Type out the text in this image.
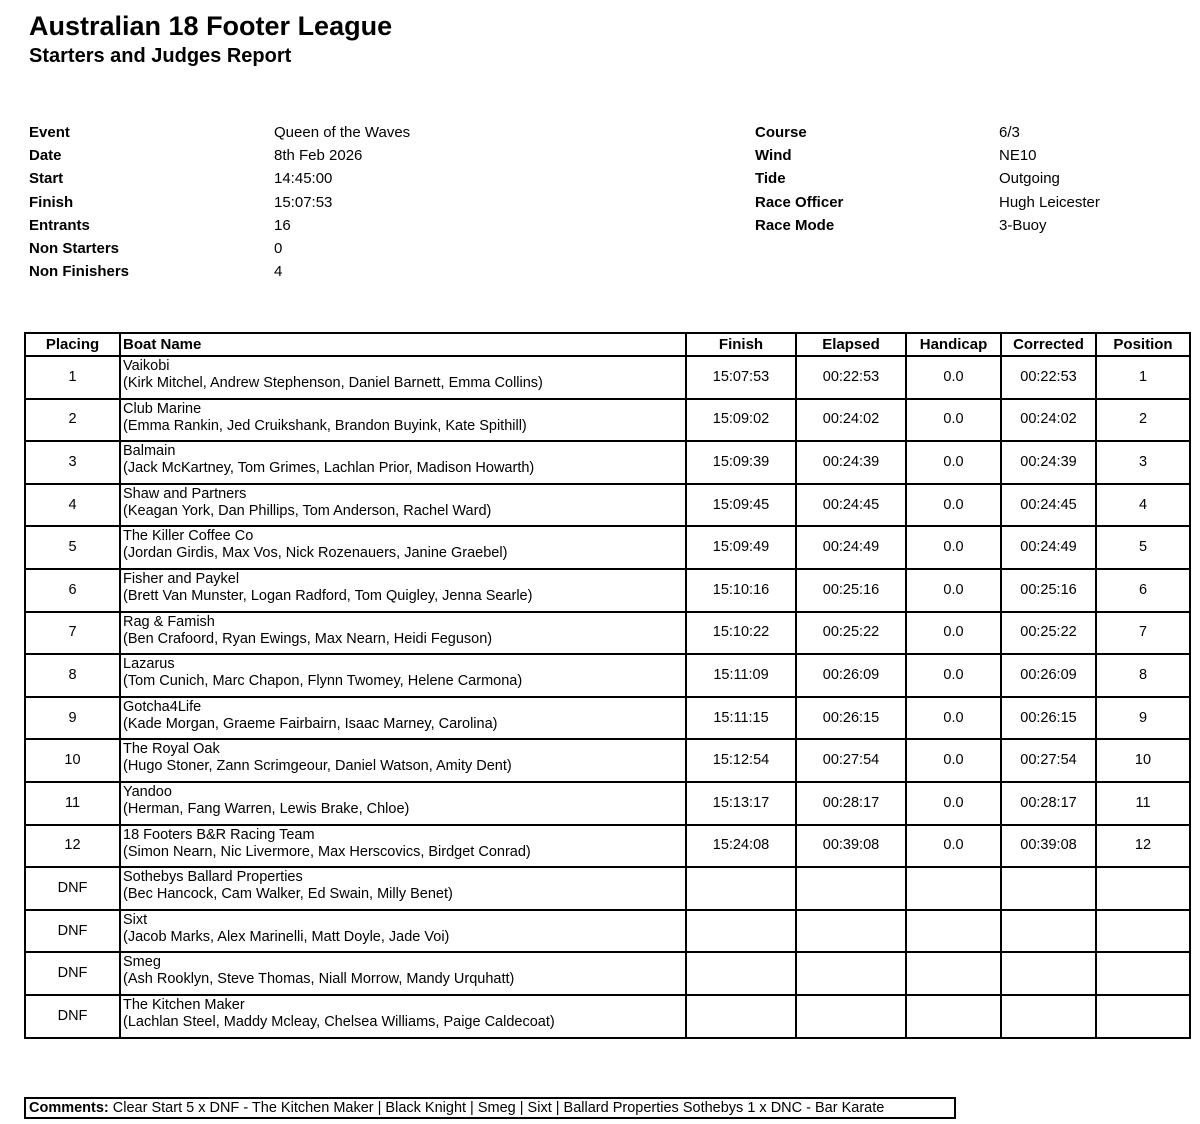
Australian 18 Footer League
Starters and Judges Report
Event	Queen of the Waves
Date	8th Feb 2026
Start	14:45:00
Finish	15:07:53
Entrants	16
Non Starters	0
Non Finishers	4
Course	6/3
Wind	NE10
Tide	Outgoing
Race Officer	Hugh Leicester
Race Mode	3-Buoy
Placing	Boat Name	Finish	Elapsed	Handicap	Corrected	Position
1	Vaikobi
(Kirk Mitchel, Andrew Stephenson, Daniel Barnett, Emma Collins)	15:07:53	00:22:53	0.0	00:22:53	1
2	Club Marine
(Emma Rankin, Jed Cruikshank, Brandon Buyink, Kate Spithill)	15:09:02	00:24:02	0.0	00:24:02	2
3	Balmain
(Jack McKartney, Tom Grimes, Lachlan Prior, Madison Howarth)	15:09:39	00:24:39	0.0	00:24:39	3
4	Shaw and Partners
(Keagan York, Dan Phillips, Tom Anderson, Rachel Ward)	15:09:45	00:24:45	0.0	00:24:45	4
5	The Killer Coffee Co
(Jordan Girdis, Max Vos, Nick Rozenauers, Janine Graebel)	15:09:49	00:24:49	0.0	00:24:49	5
6	Fisher and Paykel
(Brett Van Munster, Logan Radford, Tom Quigley, Jenna Searle)	15:10:16	00:25:16	0.0	00:25:16	6
7	Rag & Famish
(Ben Crafoord, Ryan Ewings, Max Nearn, Heidi Feguson)	15:10:22	00:25:22	0.0	00:25:22	7
8	Lazarus
(Tom Cunich, Marc Chapon, Flynn Twomey, Helene Carmona)	15:11:09	00:26:09	0.0	00:26:09	8
9	Gotcha4Life
(Kade Morgan, Graeme Fairbairn, Isaac Marney, Carolina)	15:11:15	00:26:15	0.0	00:26:15	9
10	The Royal Oak
(Hugo Stoner, Zann Scrimgeour, Daniel Watson, Amity Dent)	15:12:54	00:27:54	0.0	00:27:54	10
11	Yandoo
(Herman, Fang Warren, Lewis Brake, Chloe)	15:13:17	00:28:17	0.0	00:28:17	11
12	18 Footers B&R Racing Team
(Simon Nearn, Nic Livermore, Max Herscovics, Birdget Conrad)	15:24:08	00:39:08	0.0	00:39:08	12
DNF	Sothebys Ballard Properties
(Bec Hancock, Cam Walker, Ed Swain, Milly Benet)					

DNF	Sixt
(Jacob Marks, Alex Marinelli, Matt Doyle, Jade Voi)					

DNF	Smeg
(Ash Rooklyn, Steve Thomas, Niall Morrow, Mandy Urquhatt)					

DNF	The Kitchen Maker
(Lachlan Steel, Maddy Mcleay, Chelsea Williams, Paige Caldecoat)					

Comments: Clear Start 5 x DNF - The Kitchen Maker | Black Knight | Smeg | Sixt | Ballard Properties Sothebys 1 x DNC - Bar Karate
